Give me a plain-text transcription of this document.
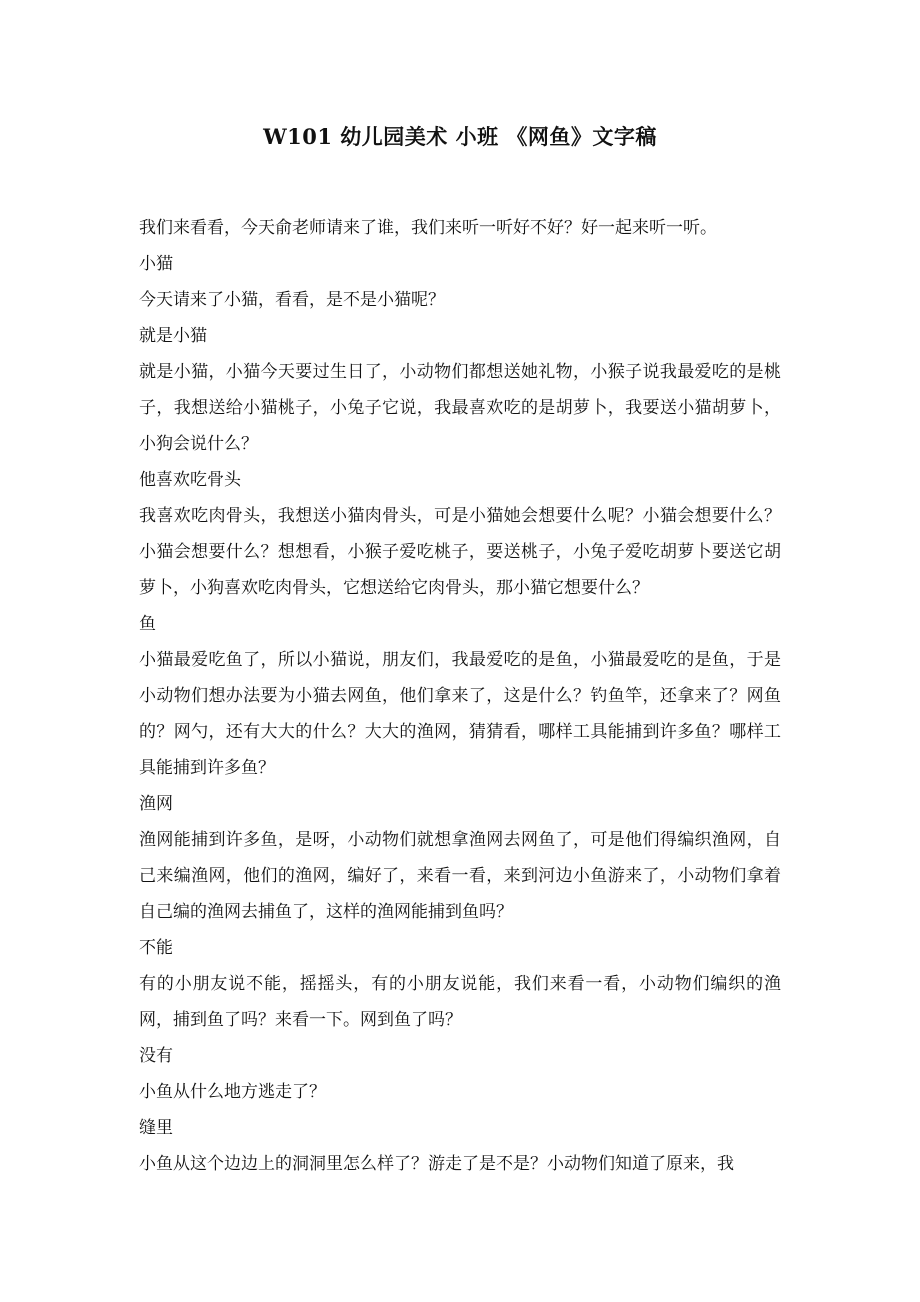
W101 幼儿园美术 小班 《网鱼》文字稿

我们来看看，今天俞老师请来了谁，我们来听一听好不好？好一起来听一听。

小猫

今天请来了小猫，看看，是不是小猫呢？

就是小猫

就是小猫，小猫今天要过生日了，小动物们都想送她礼物，小猴子说我最爱吃的是桃子，我想送给小猫桃子，小兔子它说，我最喜欢吃的是胡萝卜，我要送小猫胡萝卜，小狗会说什么？

他喜欢吃骨头

我喜欢吃肉骨头，我想送小猫肉骨头，可是小猫她会想要什么呢？小猫会想要什么？小猫会想要什么？想想看，小猴子爱吃桃子，要送桃子，小兔子爱吃胡萝卜要送它胡萝卜，小狗喜欢吃肉骨头，它想送给它肉骨头，那小猫它想要什么？

鱼

小猫最爱吃鱼了，所以小猫说，朋友们，我最爱吃的是鱼，小猫最爱吃的是鱼，于是小动物们想办法要为小猫去网鱼，他们拿来了，这是什么？钓鱼竿，还拿来了？网鱼的？网勺，还有大大的什么？大大的渔网，猜猜看，哪样工具能捕到许多鱼？哪样工具能捕到许多鱼？

渔网

渔网能捕到许多鱼，是呀，小动物们就想拿渔网去网鱼了，可是他们得编织渔网，自己来编渔网，他们的渔网，编好了，来看一看，来到河边小鱼游来了，小动物们拿着自己编的渔网去捕鱼了，这样的渔网能捕到鱼吗？

不能

有的小朋友说不能，摇摇头，有的小朋友说能，我们来看一看，小动物们编织的渔网，捕到鱼了吗？来看一下。网到鱼了吗？

没有

小鱼从什么地方逃走了？

缝里

小鱼从这个边边上的洞洞里怎么样了？游走了是不是？小动物们知道了原来，我
